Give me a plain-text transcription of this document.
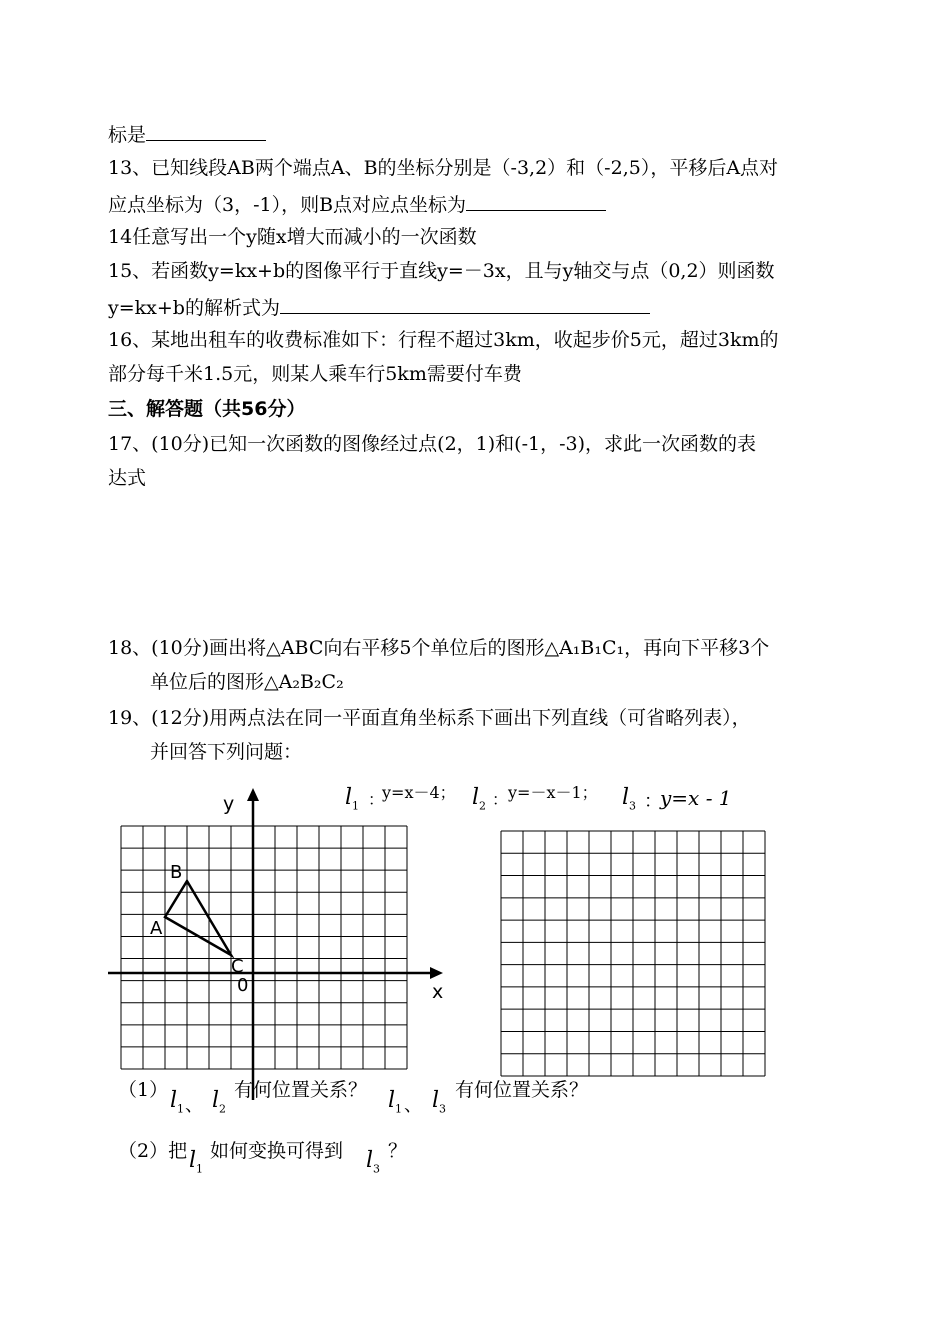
标是
13、已知线段AB两个端点A、B的坐标分别是（-3,2）和（-2,5），平移后A点对
应点坐标为（3，-1），则B点对应点坐标为
14任意写出一个y随x增大而减小的一次函数
15、若函数y=kx+b的图像平行于直线y=－3x，且与y轴交与点（0,2）则函数
y=kx+b的解析式为
16、某地出租车的收费标准如下：行程不超过3km，收起步价5元，超过3km的
部分每千米1.5元，则某人乘车行5km需要付车费
三、解答题（共56分）
17、(10分)已知一次函数的图像经过点(2，1)和(-1，-3)，求此一次函数的表
达式
18、(10分)画出将△ABC向右平移5个单位后的图形△A₁B₁C₁，再向下平移3个
单位后的图形△A₂B₂C₂
19、(12分)用两点法在同一平面直角坐标系下画出下列直线（可省略列表），
并回答下列问题：
$l_1$ ：
y=x－4； $l_2$ ： y=－x－1； $l_3$ ：
y=x - 1
y
x
0
B
A
C
（1） $l_1$ 、 $l_2$
有何位置关系？ $l_1$ 、 $l_3$
有何位置关系？
（2）把 $l_1$
如何变换可得到 $l_3$
？
